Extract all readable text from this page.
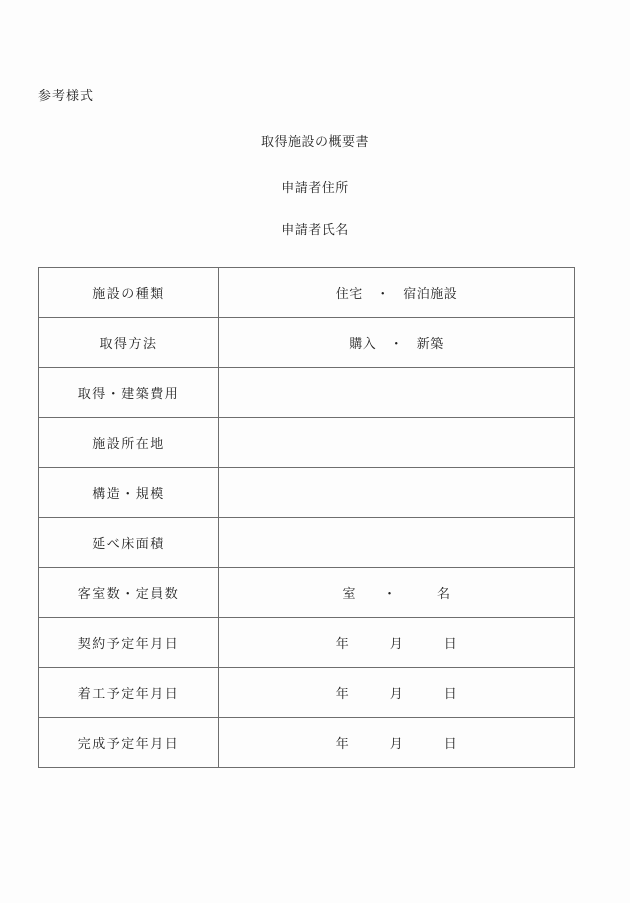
参考様式
取得施設の概要書
申請者住所
申請者氏名
施設の種類	住宅　・　宿泊施設
取得方法	購入　・　新築
取得・建築費用	
施設所在地	
構造・規模	
延べ床面積	
客室数・定員数	室　　・　　　名
契約予定年月日	年　　　月　　　日
着工予定年月日	年　　　月　　　日
完成予定年月日	年　　　月　　　日
